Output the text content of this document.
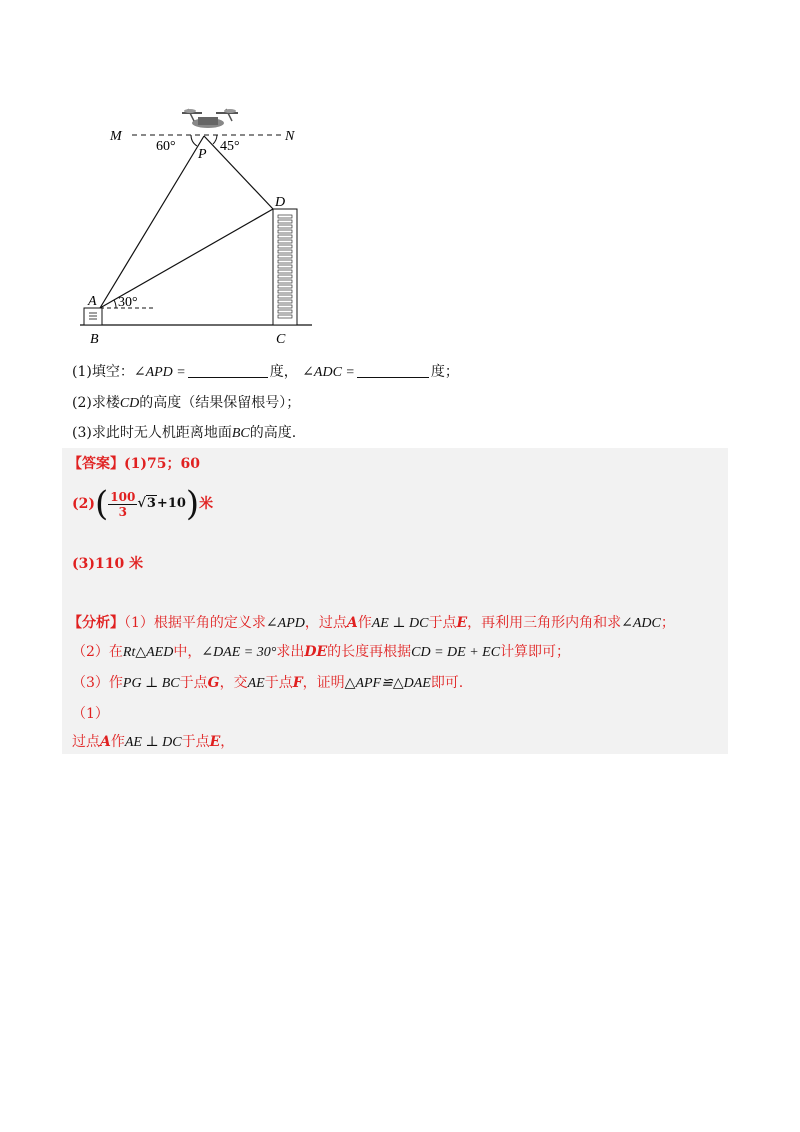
M	N
P
60°	45°
D
A 30°
B	C
(1)填空：∠APD =	度， ∠ADC =	度；
(2)求楼CD的高度（结果保留根号）；
(3)求此时无人机距离地面BC的高度.
【答案】(1)75；60
$(2)( \frac{100}{3} √3+10)$米
(3)110 米
【分析】（1）根据平角的定义求∠APD，过点A作AE ⊥ DC于点E，再利用三角形内角和求∠ADC；
（2）在Rt△AED中，∠DAE = 30°求出DE的长度再根据CD = DE + EC计算即可；
（3）作PG ⊥ BC于点G，交AE于点F，证明△APF≌△DAE即可.
（1）
过点A作AE ⊥ DC于点E，
